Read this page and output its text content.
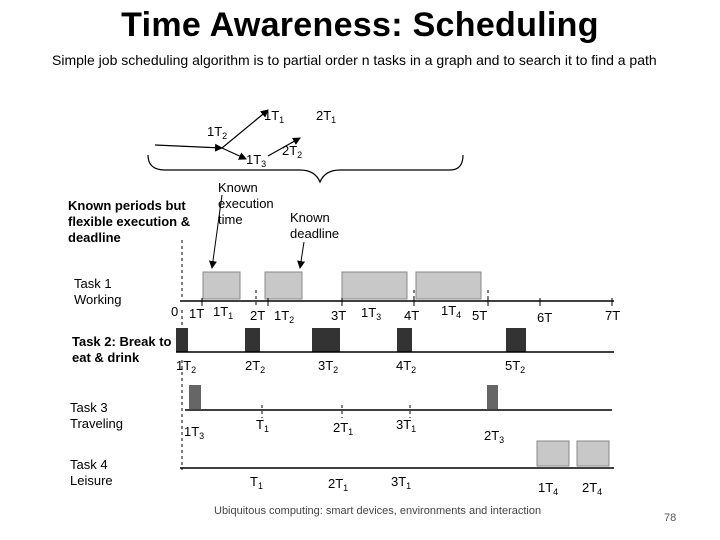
Time Awareness: Scheduling
Simple job scheduling algorithm is to partial order n tasks in a graph and to search it to find a path
$1T_1$ $2T_1$
$1T_2$
$1T_3$
$2T_2$
Known periods but flexible execution & deadline
Known execution time	Known deadline
Task 1 Working
Task 2: Break to eat & drink
Task 3 Traveling
Task 4 Leisure
0 1T $1T_1$ 2T $1T_2$	3T $1T_3$ 4T $1T_4$ 5T	6T	7T
$1T_2$	$2T_2$	$3T_2$	$4T_2$	$5T_2$
$1T_3$
$T_1$	$2T_1$	$3T_1$	$2T_3$
$T_1$	$2T_1$	$3T_1$	$1T_4$ $2T_4$
Ubiquitous computing: smart devices, environments and interaction
78
